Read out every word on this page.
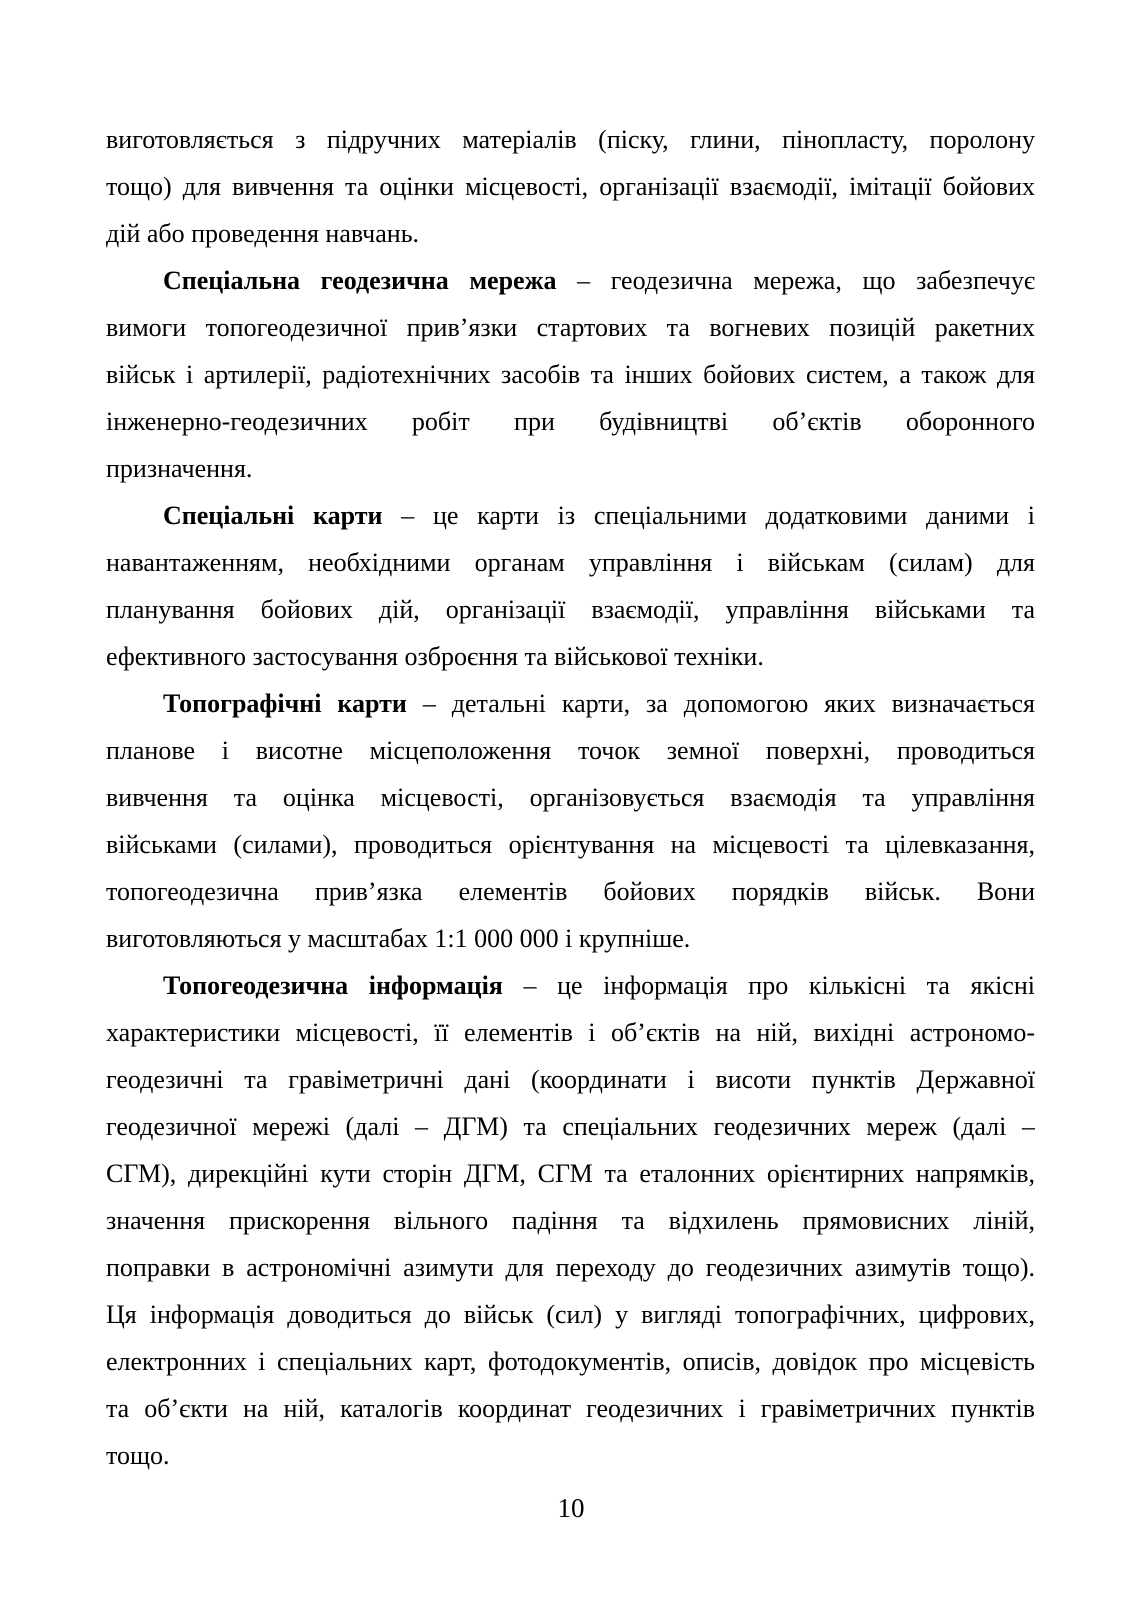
виготовляється з підручних матеріалів (піску, глини, пінопласту, поролону
тощо) для вивчення та оцінки місцевості, організації взаємодії, імітації бойових
дій або проведення навчань.
Спеціальна геодезична мережа – геодезична мережа, що забезпечує
вимоги топогеодезичної прив’язки стартових та вогневих позицій ракетних
військ і артилерії, радіотехнічних засобів та інших бойових систем, а також для
інженерно-геодезичних робіт при будівництві об’єктів оборонного
призначення.
Спеціальні карти – це карти із спеціальними додатковими даними і
навантаженням, необхідними органам управління і військам (силам) для
планування бойових дій, організації взаємодії, управління військами та
ефективного застосування озброєння та військової техніки.
Топографічні карти – детальні карти, за допомогою яких визначається
планове і висотне місцеположення точок земної поверхні, проводиться
вивчення та оцінка місцевості, організовується взаємодія та управління
військами (силами), проводиться орієнтування на місцевості та цілевказання,
топогеодезична прив’язка елементів бойових порядків військ. Вони
виготовляються у масштабах 1:1 000 000 і крупніше.
Топогеодезична інформація – це інформація про кількісні та якісні
характеристики місцевості, її елементів і об’єктів на ній, вихідні астрономо-
геодезичні та гравіметричні дані (координати і висоти пунктів Державної
геодезичної мережі (далі – ДГМ) та спеціальних геодезичних мереж (далі –
СГМ), дирекційні кути сторін ДГМ, СГМ та еталонних орієнтирних напрямків,
значення прискорення вільного падіння та відхилень прямовисних ліній,
поправки в астрономічні азимути для переходу до геодезичних азимутів тощо).
Ця інформація доводиться до військ (сил) у вигляді топографічних, цифрових,
електронних і спеціальних карт, фотодокументів, описів, довідок про місцевість
та об’єкти на ній, каталогів координат геодезичних і гравіметричних пунктів
тощо.
10
